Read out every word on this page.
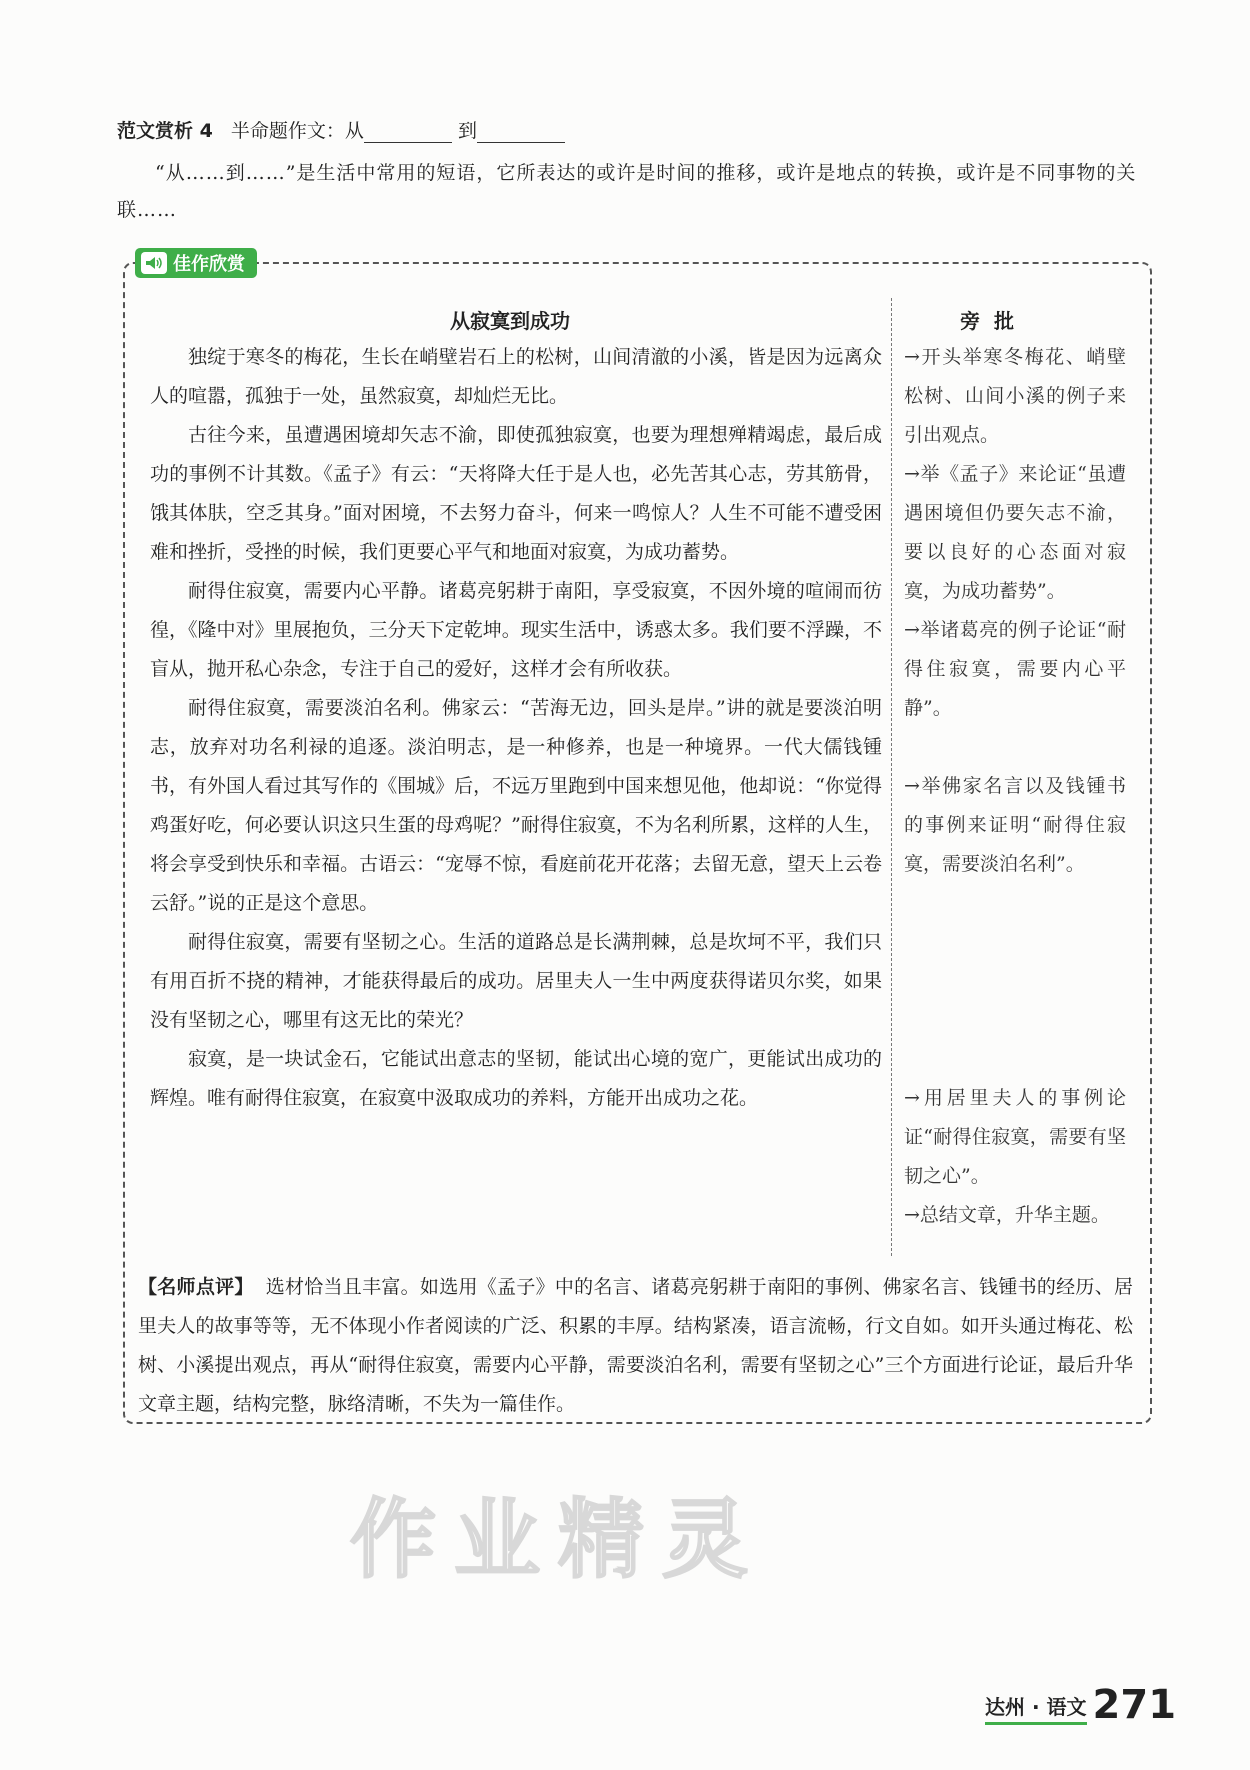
范文赏析 4 半命题作文：从	到
“从……到……”是生活中常用的短语，它所表达的或许是时间的推移，或许是地点的转换，或许是不同事物的关联……
佳作欣赏
从寂寞到成功	旁批

独绽于寒冬的梅花，生长在峭壁岩石上的松树，山间清澈的小溪，皆是因为远离众人的喧嚣，孤独于一处，虽然寂寞，却灿烂无比。

古往今来，虽遭遇困境却矢志不渝，即使孤独寂寞，也要为理想殚精竭虑，最后成功的事例不计其数。《孟子》有云：“天将降大任于是人也，必先苦其心志，劳其筋骨，饿其体肤，空乏其身。”面对困境，不去努力奋斗，何来一鸣惊人？人生不可能不遭受困难和挫折，受挫的时候，我们更要心平气和地面对寂寞，为成功蓄势。

耐得住寂寞，需要内心平静。诸葛亮躬耕于南阳，享受寂寞，不因外境的喧闹而彷徨，《隆中对》里展抱负，三分天下定乾坤。现实生活中，诱惑太多。我们要不浮躁，不盲从，抛开私心杂念，专注于自己的爱好，这样才会有所收获。

耐得住寂寞，需要淡泊名利。佛家云：“苦海无边，回头是岸。”讲的就是要淡泊明志，放弃对功名利禄的追逐。淡泊明志，是一种修养，也是一种境界。一代大儒钱锺书，有外国人看过其写作的《围城》后，不远万里跑到中国来想见他，他却说：“你觉得鸡蛋好吃，何必要认识这只生蛋的母鸡呢？”耐得住寂寞，不为名利所累，这样的人生，将会享受到快乐和幸福。古语云：“宠辱不惊，看庭前花开花落；去留无意，望天上云卷云舒。”说的正是这个意思。

耐得住寂寞，需要有坚韧之心。生活的道路总是长满荆棘，总是坎坷不平，我们只有用百折不挠的精神，才能获得最后的成功。居里夫人一生中两度获得诺贝尔奖，如果没有坚韧之心，哪里有这无比的荣光？

寂寞，是一块试金石，它能试出意志的坚韧，能试出心境的宽广，更能试出成功的辉煌。唯有耐得住寂寞，在寂寞中汲取成功的养料，方能开出成功之花。

→开头举寒冬梅花、峭壁松树、山间小溪的例子来引出观点。
→举《孟子》来论证“虽遭遇困境但仍要矢志不渝，要以良好的心态面对寂寞，为成功蓄势”。
→举诸葛亮的例子论证“耐得住寂寞，需要内心平静”。
→举佛家名言以及钱锺书的事例来证明“耐得住寂寞，需要淡泊名利”。
→用居里夫人的事例论证“耐得住寂寞，需要有坚韧之心”。
→总结文章，升华主题。
【名师点评】 选材恰当且丰富。如选用《孟子》中的名言、诸葛亮躬耕于南阳的事例、佛家名言、钱锺书的经历、居里夫人的故事等等，无不体现小作者阅读的广泛、积累的丰厚。结构紧凑，语言流畅，行文自如。如开头通过梅花、松树、小溪提出观点，再从“耐得住寂寞，需要内心平静，需要淡泊名利，需要有坚韧之心”三个方面进行论证，最后升华文章主题，结构完整，脉络清晰，不失为一篇佳作。
作业精灵
达州 · 语文 271
